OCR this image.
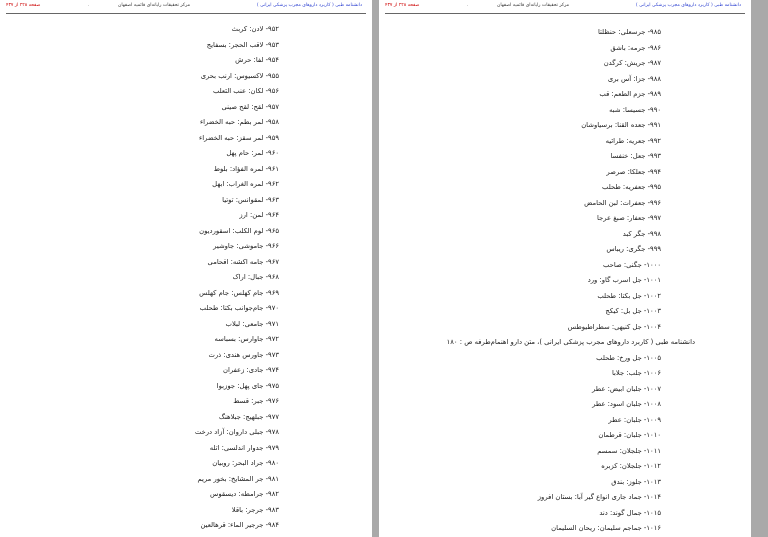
دانشنامه طبی ( کاربرد داروهای مجرب پزشکی ایرانی )
مرکز تحقیقات رایانه‌ای قائمیه اصفهان
.
صفحه ۲۲۸ از ۴۳۷
۹۵۲- لادن: کربث
۹۵۳- لاقب الحجر: بسفایج
۹۵۴- لفا: حرش
۹۵۵- لاکسیوس: ارنب بحری
۹۵۶- لکان: عنب الثعلب
۹۵۷- لقح: لقح صینی
۹۵۸- لمر بطم: حبه الخضراء
۹۵۹- لمر سقز: حبه الخضراء
۹۶۰- لمر: حام پهل
۹۶۱- لمره الفؤاد: بلوط
۹۶۲- لمره الغراب: ابهل
۹۶۳- لمقوانس: توتیا
۹۶۴- لمن: ارز
۹۶۵- لوم الکلب: اسقوردیون
۹۶۶- جاموشی: جاوشیر
۹۶۷- جامه اکشه: اقحامی
۹۶۸- جبال: اراک
۹۶۹- جام کهلس: جام کهلس
۹۷۰- جام‌جوانب بکتا: طحلب
۹۷۱- جامعی: لبلاب
۹۷۲- جاوارس: بسباسه
۹۷۳- جاورس هندی: ذرت
۹۷۴- جادی: زعفران
۹۷۵- جای پهل: جوزبوا
۹۷۶- جبر: قسط
۹۷۷- جبلهیج: جبلاهنگ
۹۷۸- جبلی داروان: آزاد درخت
۹۷۹- جدوار اندلسی: اتله
۹۸۰- جراد البحر: روبیان
۹۸۱- جر المشایخ: بخور مریم
۹۸۲- جرامطه: دیسقوس
۹۸۳- جرجر: باقلا
۹۸۴- جرجیر الماء: قرهالعین
دانشنامه طبی ( کاربرد داروهای مجرب پزشکی ایرانی )
مرکز تحقیقات رایانه‌ای قائمیه اصفهان
.
صفحه ۲۲۸ از ۴۳۷
۹۸۵- جرسعلی: حنظلتا
۹۸۶- جرمه: باشق
۹۸۷- جریش: کرگدن
۹۸۸- جزا: آس بری
۹۸۹- جزم الطعم: قب
۹۹۰- جسیسا: شبه
۹۹۱- جعده القنا: برسیاوشان
۹۹۲- جعریه: طراثیه
۹۹۳- جعل: خنفسا
۹۹۴- جعلکا: صرصر
۹۹۵- جعفریه: طحلب
۹۹۶- جعفرات: لبن الحامض
۹۹۷- جعفار: صبغ عرجا
۹۹۸- جگر کبد
۹۹۹- جگری: ریباس
۱۰۰۰- جگنی: صاحب
۱۰۰۱- جل اسرب گاو: ورد
۱۰۰۲- جل بکتا: طحلب
۱۰۰۳- جل بل: کیکج
۱۰۰۴- جل کنیهی: سطراطیوطس
دانشنامه طبی ( کاربرد داروهای مجرب پزشکی ایرانی )، متن دارو اهنمام‌طرفه ص : ۱۸۰
۱۰۰۵- جل ورخ: طحلب
۱۰۰۶- جلب: جلابا
۱۰۰۷- جلبان ابیض: عطر
۱۰۰۸- جلبان اسود: عطر
۱۰۰۹- جلبان: عطر
۱۰۱۰- جلبان: قرطمان
۱۰۱۱- جلجلان: سمسم
۱۰۱۲- جلجلان: کزبره
۱۰۱۳- جلوز: بندق
۱۰۱۴- جماد جاری انواع گیر آبا: بستان افروز
۱۰۱۵- جمال گوند: دند
۱۰۱۶- جماجم سلیمان: ریحان السلیمان
